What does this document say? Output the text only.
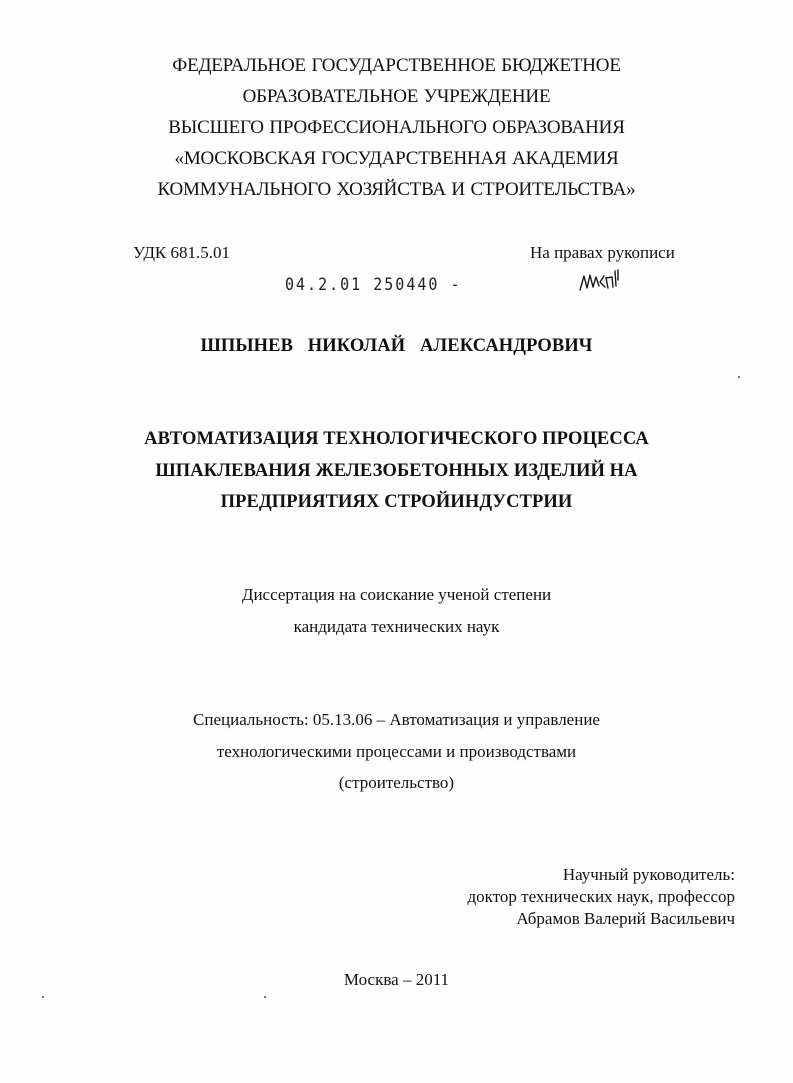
ФЕДЕРАЛЬНОЕ ГОСУДАРСТВЕННОЕ БЮДЖЕТНОЕ
ОБРАЗОВАТЕЛЬНОЕ УЧРЕЖДЕНИЕ
ВЫСШЕГО ПРОФЕССИОНАЛЬНОГО ОБРАЗОВАНИЯ
«МОСКОВСКАЯ ГОСУДАРСТВЕННАЯ АКАДЕМИЯ
КОММУНАЛЬНОГО ХОЗЯЙСТВА И СТРОИТЕЛЬСТВА»
УДК 681.5.01	На правах рукописи
04.2.01 250440 -
ШПЫНЕВ НИКОЛАЙ АЛЕКСАНДРОВИЧ
АВТОМАТИЗАЦИЯ ТЕХНОЛОГИЧЕСКОГО ПРОЦЕССА
ШПАКЛЕВАНИЯ ЖЕЛЕЗОБЕТОННЫХ ИЗДЕЛИЙ НА
ПРЕДПРИЯТИЯХ СТРОЙИНДУСТРИИ
Диссертация на соискание ученой степени
кандидата технических наук
Специальность: 05.13.06 – Автоматизация и управление
технологическими процессами и производствами
(строительство)
Научный руководитель:
доктор технических наук, профессор
Абрамов Валерий Васильевич
Москва – 2011
